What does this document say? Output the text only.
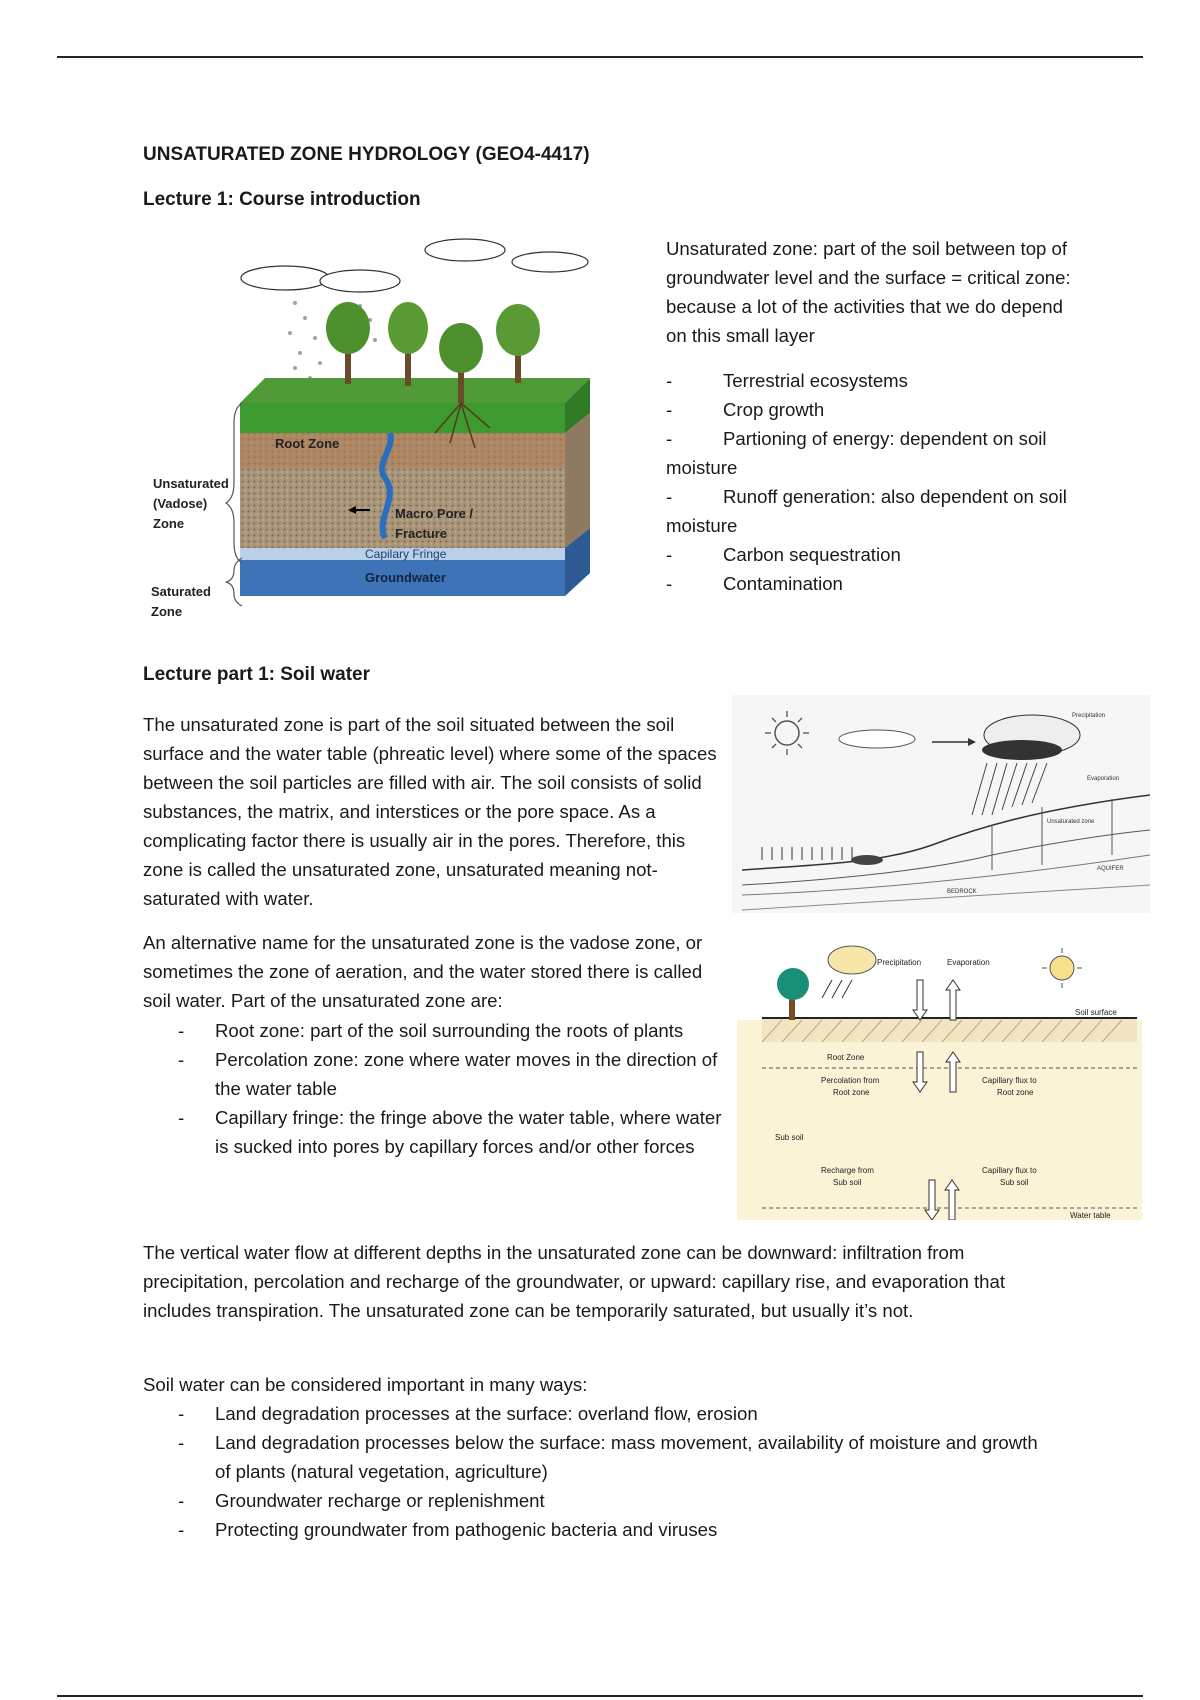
UNSATURATED ZONE HYDROLOGY (GEO4-4417)
Lecture 1: Course introduction
Root Zone
Macro Pore /
Fracture
Capilary Fringe
Groundwater
Unsaturated
(Vadose)
Zone
Saturated
Zone

Unsaturated zone: part of the soil between top of groundwater level and the surface = critical zone: because a lot of the activities that we do depend on this small layer

-	Terrestrial ecosystems
-	Crop growth
-	Partioning of energy: dependent on soil moisture
-	Runoff generation: also dependent on soil moisture
-	Carbon sequestration
-	Contamination
Lecture part 1: Soil water

The unsaturated zone is part of the soil situated between the soil surface and the water table (phreatic level) where some of the spaces between the soil particles are filled with air. The soil consists of solid substances, the matrix, and interstices or the pore space. As a complicating factor there is usually air in the pores. Therefore, this zone is called the unsaturated zone, unsaturated meaning not-saturated with water.

Precipitation
Evaporation
Unsaturated zone
AQUIFER
BEDROCK

An alternative name for the unsaturated zone is the vadose zone, or sometimes the zone of aeration, and the water stored there is called soil water. Part of the unsaturated zone are:

- Root zone: part of the soil surrounding the roots of plants
- Percolation zone: zone where water moves in the direction of the water table
- Capillary fringe: the fringe above the water table, where water is sucked into pores by capillary forces and/or other forces
Precipitation	Evaporation
Soil surface
Root Zone
Percolation from
Root zone
Capillary flux to
Root zone
Sub soil
Recharge from
Sub soil
Capillary flux to
Sub soil
Water table

The vertical water flow at different depths in the unsaturated zone can be downward: infiltration from precipitation, percolation and recharge of the groundwater, or upward: capillary rise, and evaporation that includes transpiration. The unsaturated zone can be temporarily saturated, but usually it’s not.

Soil water can be considered important in many ways:

- Land degradation processes at the surface: overland flow, erosion
- Land degradation processes below the surface: mass movement, availability of moisture and growth of plants (natural vegetation, agriculture)
- Groundwater recharge or replenishment
- Protecting groundwater from pathogenic bacteria and viruses
